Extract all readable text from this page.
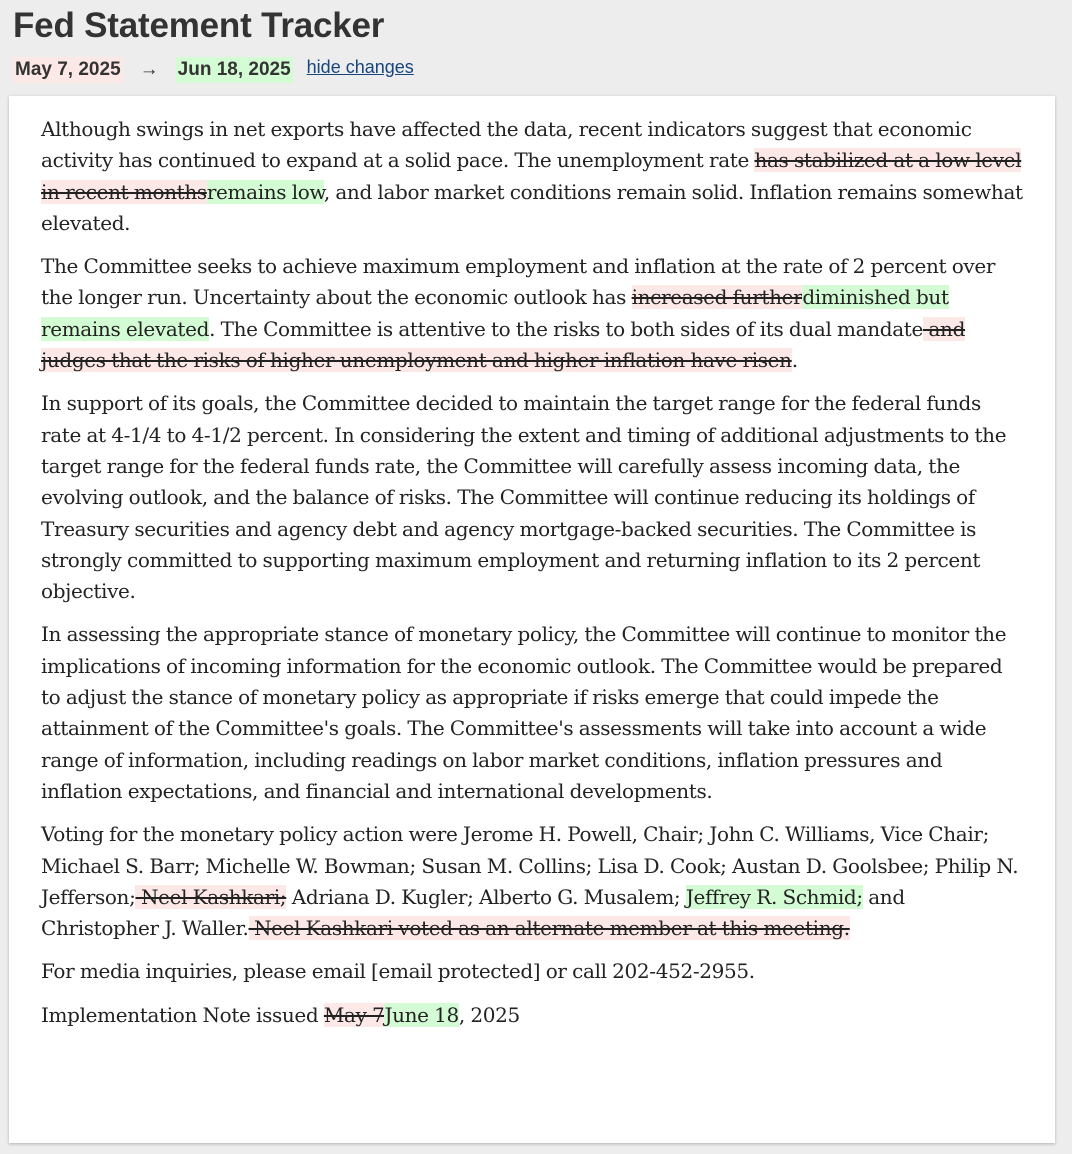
Fed Statement Tracker
May 7, 2025 → Jun 18, 2025 hide changes

Although swings in net exports have affected the data, recent indicators suggest that economic activity has continued to expand at a solid pace. The unemployment rate has stabilized at a low level in recent monthsremains low, and labor market conditions remain solid. Inflation remains somewhat elevated.

The Committee seeks to achieve maximum employment and inflation at the rate of 2 percent over the longer run. Uncertainty about the economic outlook has increased furtherdiminished but remains elevated. The Committee is attentive to the risks to both sides of its dual mandate and judges that the risks of higher unemployment and higher inflation have risen.

In support of its goals, the Committee decided to maintain the target range for the federal funds rate at 4-1/4 to 4-1/2 percent. In considering the extent and timing of additional adjustments to the target range for the federal funds rate, the Committee will carefully assess incoming data, the evolving outlook, and the balance of risks. The Committee will continue reducing its holdings of Treasury securities and agency debt and agency mortgage-backed securities. The Committee is strongly committed to supporting maximum employment and returning inflation to its 2 percent objective.

In assessing the appropriate stance of monetary policy, the Committee will continue to monitor the implications of incoming information for the economic outlook. The Committee would be prepared to adjust the stance of monetary policy as appropriate if risks emerge that could impede the attainment of the Committee's goals. The Committee's assessments will take into account a wide range of information, including readings on labor market conditions, inflation pressures and inflation expectations, and financial and international developments.

Voting for the monetary policy action were Jerome H. Powell, Chair; John C. Williams, Vice Chair; Michael S. Barr; Michelle W. Bowman; Susan M. Collins; Lisa D. Cook; Austan D. Goolsbee; Philip N. Jefferson; Neel Kashkari; Adriana D. Kugler; Alberto G. Musalem; Jeffrey R. Schmid; and Christopher J. Waller. Neel Kashkari voted as an alternate member at this meeting.

For media inquiries, please email [email protected] or call 202-452-2955.

Implementation Note issued May 7June 18, 2025
